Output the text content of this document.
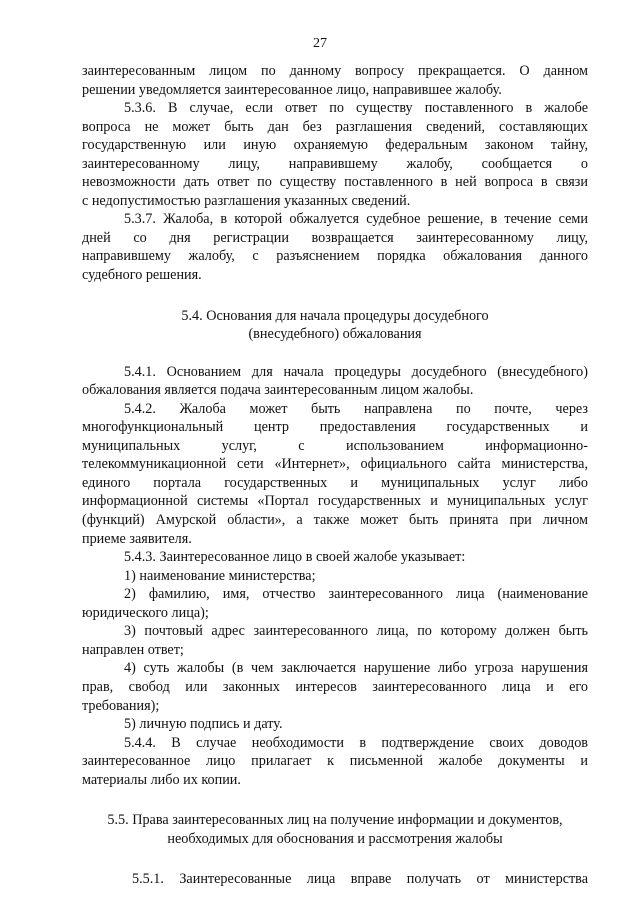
27
заинтересованным лицом по данному вопросу прекращается. О данном
решении уведомляется заинтересованное лицо, направившее жалобу.
5.3.6. В случае, если ответ по существу поставленного в жалобе
вопроса не может быть дан без разглашения сведений, составляющих
государственную или иную охраняемую федеральным законом тайну,
заинтересованному лицу, направившему жалобу, сообщается о
невозможности дать ответ по существу поставленного в ней вопроса в связи
с недопустимостью разглашения указанных сведений.
5.3.7. Жалоба, в которой обжалуется судебное решение, в течение семи
дней со дня регистрации возвращается заинтересованному лицу,
направившему жалобу, с разъяснением порядка обжалования данного
судебного решения.
5.4. Основания для начала процедуры досудебного
(внесудебного) обжалования
5.4.1. Основанием для начала процедуры досудебного (внесудебного)
обжалования является подача заинтересованным лицом жалобы.
5.4.2. Жалоба может быть направлена по почте, через
многофункциональный центр предоставления государственных и
муниципальных услуг, с использованием информационно-
телекоммуникационной сети «Интернет», официального сайта министерства,
единого портала государственных и муниципальных услуг либо
информационной системы «Портал государственных и муниципальных услуг
(функций) Амурской области», а также может быть принята при личном
приеме заявителя.
5.4.3. Заинтересованное лицо в своей жалобе указывает:
1) наименование министерства;
2) фамилию, имя, отчество заинтересованного лица (наименование
юридического лица);
3) почтовый адрес заинтересованного лица, по которому должен быть
направлен ответ;
4) суть жалобы (в чем заключается нарушение либо угроза нарушения
прав, свобод или законных интересов заинтересованного лица и его
требования);
5) личную подпись и дату.
5.4.4. В случае необходимости в подтверждение своих доводов
заинтересованное лицо прилагает к письменной жалобе документы и
материалы либо их копии.
5.5. Права заинтересованных лиц на получение информации и документов,
необходимых для обоснования и рассмотрения жалобы
5.5.1. Заинтересованные лица вправе получать от министерства
